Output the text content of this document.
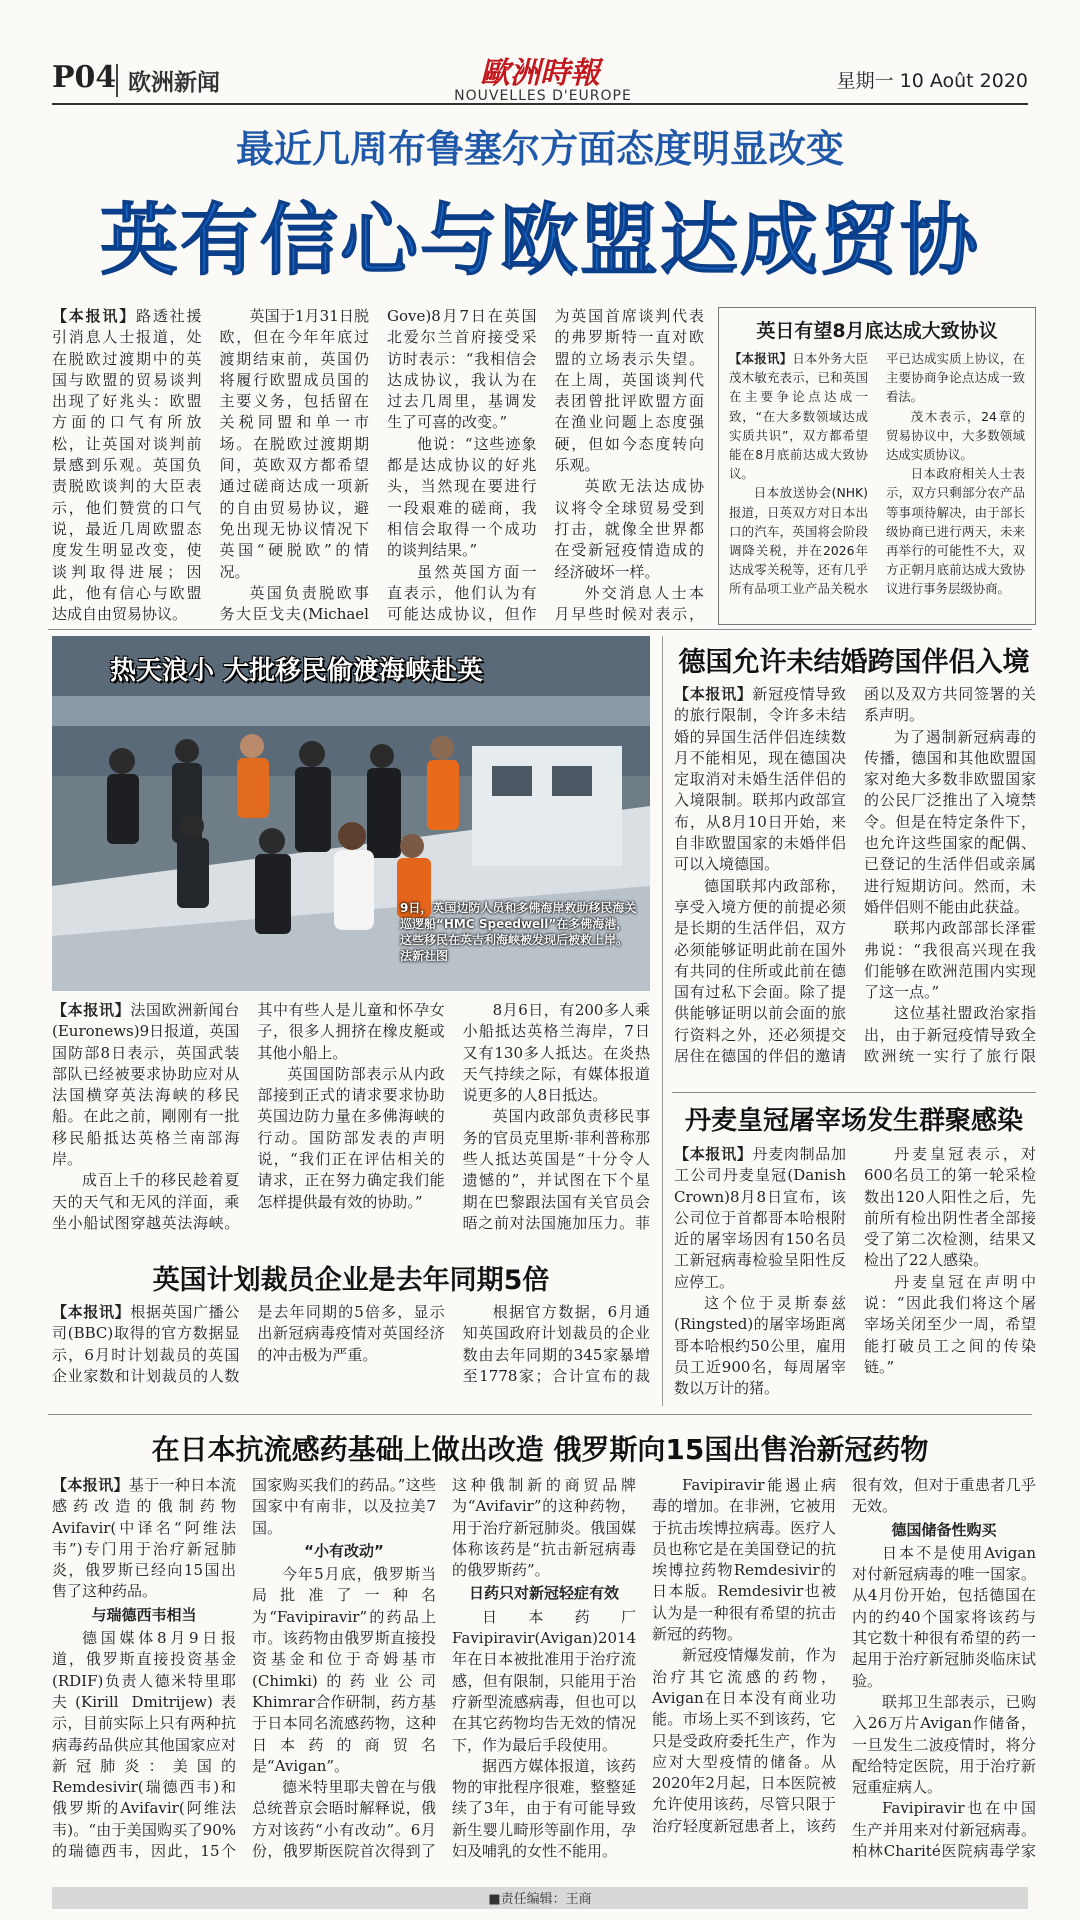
P04 欧洲新闻	歐洲時報
NOUVELLES D'EUROPE
星期一 10 Août 2020
最近几周布鲁塞尔方面态度明显改变
英有信心与欧盟达成贸协

【本报讯】路透社援引消息人士报道，处在脱欧过渡期中的英国与欧盟的贸易谈判出现了好兆头：欧盟方面的口气有所放松，让英国对谈判前景感到乐观。英国负责脱欧谈判的大臣表示，他们赞赏的口气说，最近几周欧盟态度发生明显改变，使谈判取得进展；因此，他有信心与欧盟达成自由贸易协议。

英国于1月31日脱欧，但在今年年底过渡期结束前，英国仍将履行欧盟成员国的主要义务，包括留在关税同盟和单一市场。在脱欧过渡期期间，英欧双方都希望通过磋商达成一项新的自由贸易协议，避免出现无协议情况下英国“硬脱欧”的情况。

英国负责脱欧事务大臣戈夫(Michael Gove)8月7日在英国北爱尔兰首府接受采访时表示：“我相信会达成协议，我认为在过去几周里，基调发生了可喜的改变。”

他说：“这些迹象都是达成协议的好兆头，当然现在要进行一段艰难的磋商，我相信会取得一个成功的谈判结果。”

虽然英国方面一直表示，他们认为有可能达成协议，但作为英国首席谈判代表的弗罗斯特一直对欧盟的立场表示失望。在上周，英国谈判代表团曾批评欧盟方面在渔业问题上态度强硬，但如今态度转向乐观。

英欧无法达成协议将令全球贸易受到打击，就像全世界都在受新冠疫情造成的经济破坏一样。

外交消息人士本月早些时候对表示，

英日有望8月底达成大致协议

【本报讯】日本外务大臣茂木敏充表示，已和英国在主要争论点达成一致，“在大多数领域达成实质共识”，双方都希望能在8月底前达成大致协议。

日本放送协会(NHK)报道，日英双方对日本出口的汽车，英国将会阶段调降关税，并在2026年达成零关税等，还有几乎所有品项工业产品关税水平已达成实质上协议，在主要协商争论点达成一致看法。

茂木表示，24章的贸易协议中，大多数领域达成实质协议。

日本政府相关人士表示，双方只剩部分农产品等事项待解决，由于部长级协商已进行两天，未来再举行的可能性不大，双方正朝月底前达成大致协议进行事务层级协商。

热天浪小 大批移民偷渡海峡赴英
9日，英国边防人员和多佛海岸救助移民海关巡逻船“HMC Speedwell”在多佛海港，这些移民在英吉利海峡被发现后被救上岸。 法新社图

【本报讯】法国欧洲新闻台(Euronews)9日报道，英国国防部8日表示，英国武装部队已经被要求协助应对从法国横穿英法海峡的移民船。在此之前，剛刚有一批移民船抵达英格兰南部海岸。

成百上千的移民趁着夏天的天气和无风的洋面，乘坐小船试图穿越英法海峡。其中有些人是儿童和怀孕女子，很多人拥挤在橡皮艇或其他小船上。

英国国防部表示从内政部接到正式的请求要求协助英国边防力量在多佛海峡的行动。国防部发表的声明说，“我们正在评估相关的请求，正在努力确定我们能怎样提供最有效的协助。”

8月6日，有200多人乘小船抵达英格兰海岸，7日又有130多人抵达。在炎热天气持续之际，有媒体报道说更多的人8日抵达。

英国内政部负责移民事务的官员克里斯·菲利普称那些人抵达英国是“十分令人遗憾的”，并试图在下个星期在巴黎跟法国有关官员会晤之前对法国施加压力。菲

英国计划裁员企业是去年同期5倍

【本报讯】根据英国广播公司(BBC)取得的官方数据显示，6月时计划裁员的英国企业家数和计划裁员的人数是去年同期的5倍多，显示出新冠病毒疫情对英国经济的冲击极为严重。

根据官方数据，6月通知英国政府计划裁员的企业数由去年同期的345家暴增至1778家；合计宣布的裁

德国允许未结婚跨国伴侣入境

【本报讯】新冠疫情导致的旅行限制，令许多未结婚的异国生活伴侣连续数月不能相见，现在德国决定取消对未婚生活伴侣的入境限制。联邦内政部宣布，从8月10日开始，来自非欧盟国家的未婚伴侣可以入境德国。

德国联邦内政部称，享受入境方便的前提必须是长期的生活伴侣，双方必须能够证明此前在国外有共同的住所或此前在德国有过私下会面。除了提供能够证明以前会面的旅行资料之外，还必须提交居住在德国的伴侣的邀请函以及双方共同签署的关系声明。

为了遏制新冠病毒的传播，德国和其他欧盟国家对绝大多数非欧盟国家的公民厂泛推出了入境禁令。但是在特定条件下，也允许这些国家的配偶、已登记的生活伴侣或亲属进行短期访问。然而，未婚伴侣则不能由此获益。

联邦内政部部长泽霍弗说：“我很高兴现在我们能够在欧洲范围内实现了这一点。”

这位基社盟政治家指出，由于新冠疫情导致全欧洲统一实行了旅行限

丹麦皇冠屠宰场发生群聚感染

【本报讯】丹麦肉制品加工公司丹麦皇冠(Danish Crown)8月8日宣布，该公司位于首都哥本哈根附近的屠宰场因有150名员工新冠病毒检验呈阳性反应停工。

这个位于灵斯泰兹(Ringsted)的屠宰场距离哥本哈根约50公里，雇用员工近900名，每周屠宰数以万计的猪。

丹麦皇冠表示，对600名员工的第一轮采检数出120人阳性之后，先前所有检出阴性者全部接受了第二次检测，结果又检出了22人感染。

丹麦皇冠在声明中说：“因此我们将这个屠宰场关闭至少一周，希望能打破员工之间的传染链。”

在日本抗流感药基础上做出改造 俄罗斯向15国出售治新冠药物

【本报讯】基于一种日本流感药改造的俄制药物Avifavir(中译名“阿维法韦”)专门用于治疗新冠肺炎，俄罗斯已经向15国出售了这种药品。

与瑞德西韦相当

德国媒体8月9日报道，俄罗斯直接投资基金(RDIF)负责人德米特里耶夫(Kirill Dmitrijew)表示，目前实际上只有两种抗病毒药品供应其他国家应对新冠肺炎：美国的Remdesivir(瑞德西韦)和俄罗斯的Avifavir(阿维法韦)。“由于美国购买了90%的瑞德西韦，因此，15个国家购买我们的药品。”这些国家中有南非，以及拉美7国。

“小有改动”

今年5月底，俄罗斯当局批准了一种名为“Favipiravir”的药品上市。该药物由俄罗斯直接投资基金和位于奇姆基市(Chimki)的药业公司Khimrar合作研制，药方基于日本同名流感药物，这种日本药的商贸名是“Avigan”。

德米特里耶夫曾在与俄总统普京会晤时解释说，俄方对该药“小有改动”。6月份，俄罗斯医院首次得到了这种俄制新的商贸品牌为“Avifavir”的这种药物，用于治疗新冠肺炎。俄国媒体称该药是“抗击新冠病毒的俄罗斯药”。

日药只对新冠轻症有效

日本药厂Favipiravir(Avigan)2014年在日本被批准用于治疗流感，但有限制，只能用于治疗新型流感病毒，但也可以在其它药物均告无效的情况下，作为最后手段使用。

据西方媒体报道，该药物的审批程序很难，整整延续了3年，由于有可能导致新生婴儿畸形等副作用，孕妇及哺乳的女性不能用。

Favipiravir能遏止病毒的增加。在非洲，它被用于抗击埃博拉病毒。医疗人员也称它是在美国登记的抗埃博拉药物Remdesivir的日本版。Remdesivir也被认为是一种很有希望的抗击新冠的药物。

新冠疫情爆发前，作为治疗其它流感的药物，Avigan在日本没有商业功能。市场上买不到该药，它只是受政府委托生产，作为应对大型疫情的储备。从2020年2月起，日本医院被允许使用该药，尽管只限于治疗轻度新冠患者上，该药很有效，但对于重患者几乎无效。

德国储备性购买

日本不是使用Avigan对付新冠病毒的唯一国家。从4月份开始，包括德国在内的约40个国家将该药与其它数十种很有希望的药一起用于治疗新冠肺炎临床试验。

联邦卫生部表示，已购入26万片Avigan作储备，一旦发生二波疫情时，将分配给特定医院，用于治疗新冠重症病人。

Favipiravir也在中国生产并用来对付新冠病毒。柏林Charité医院病毒学家

■责任编辑：王商
